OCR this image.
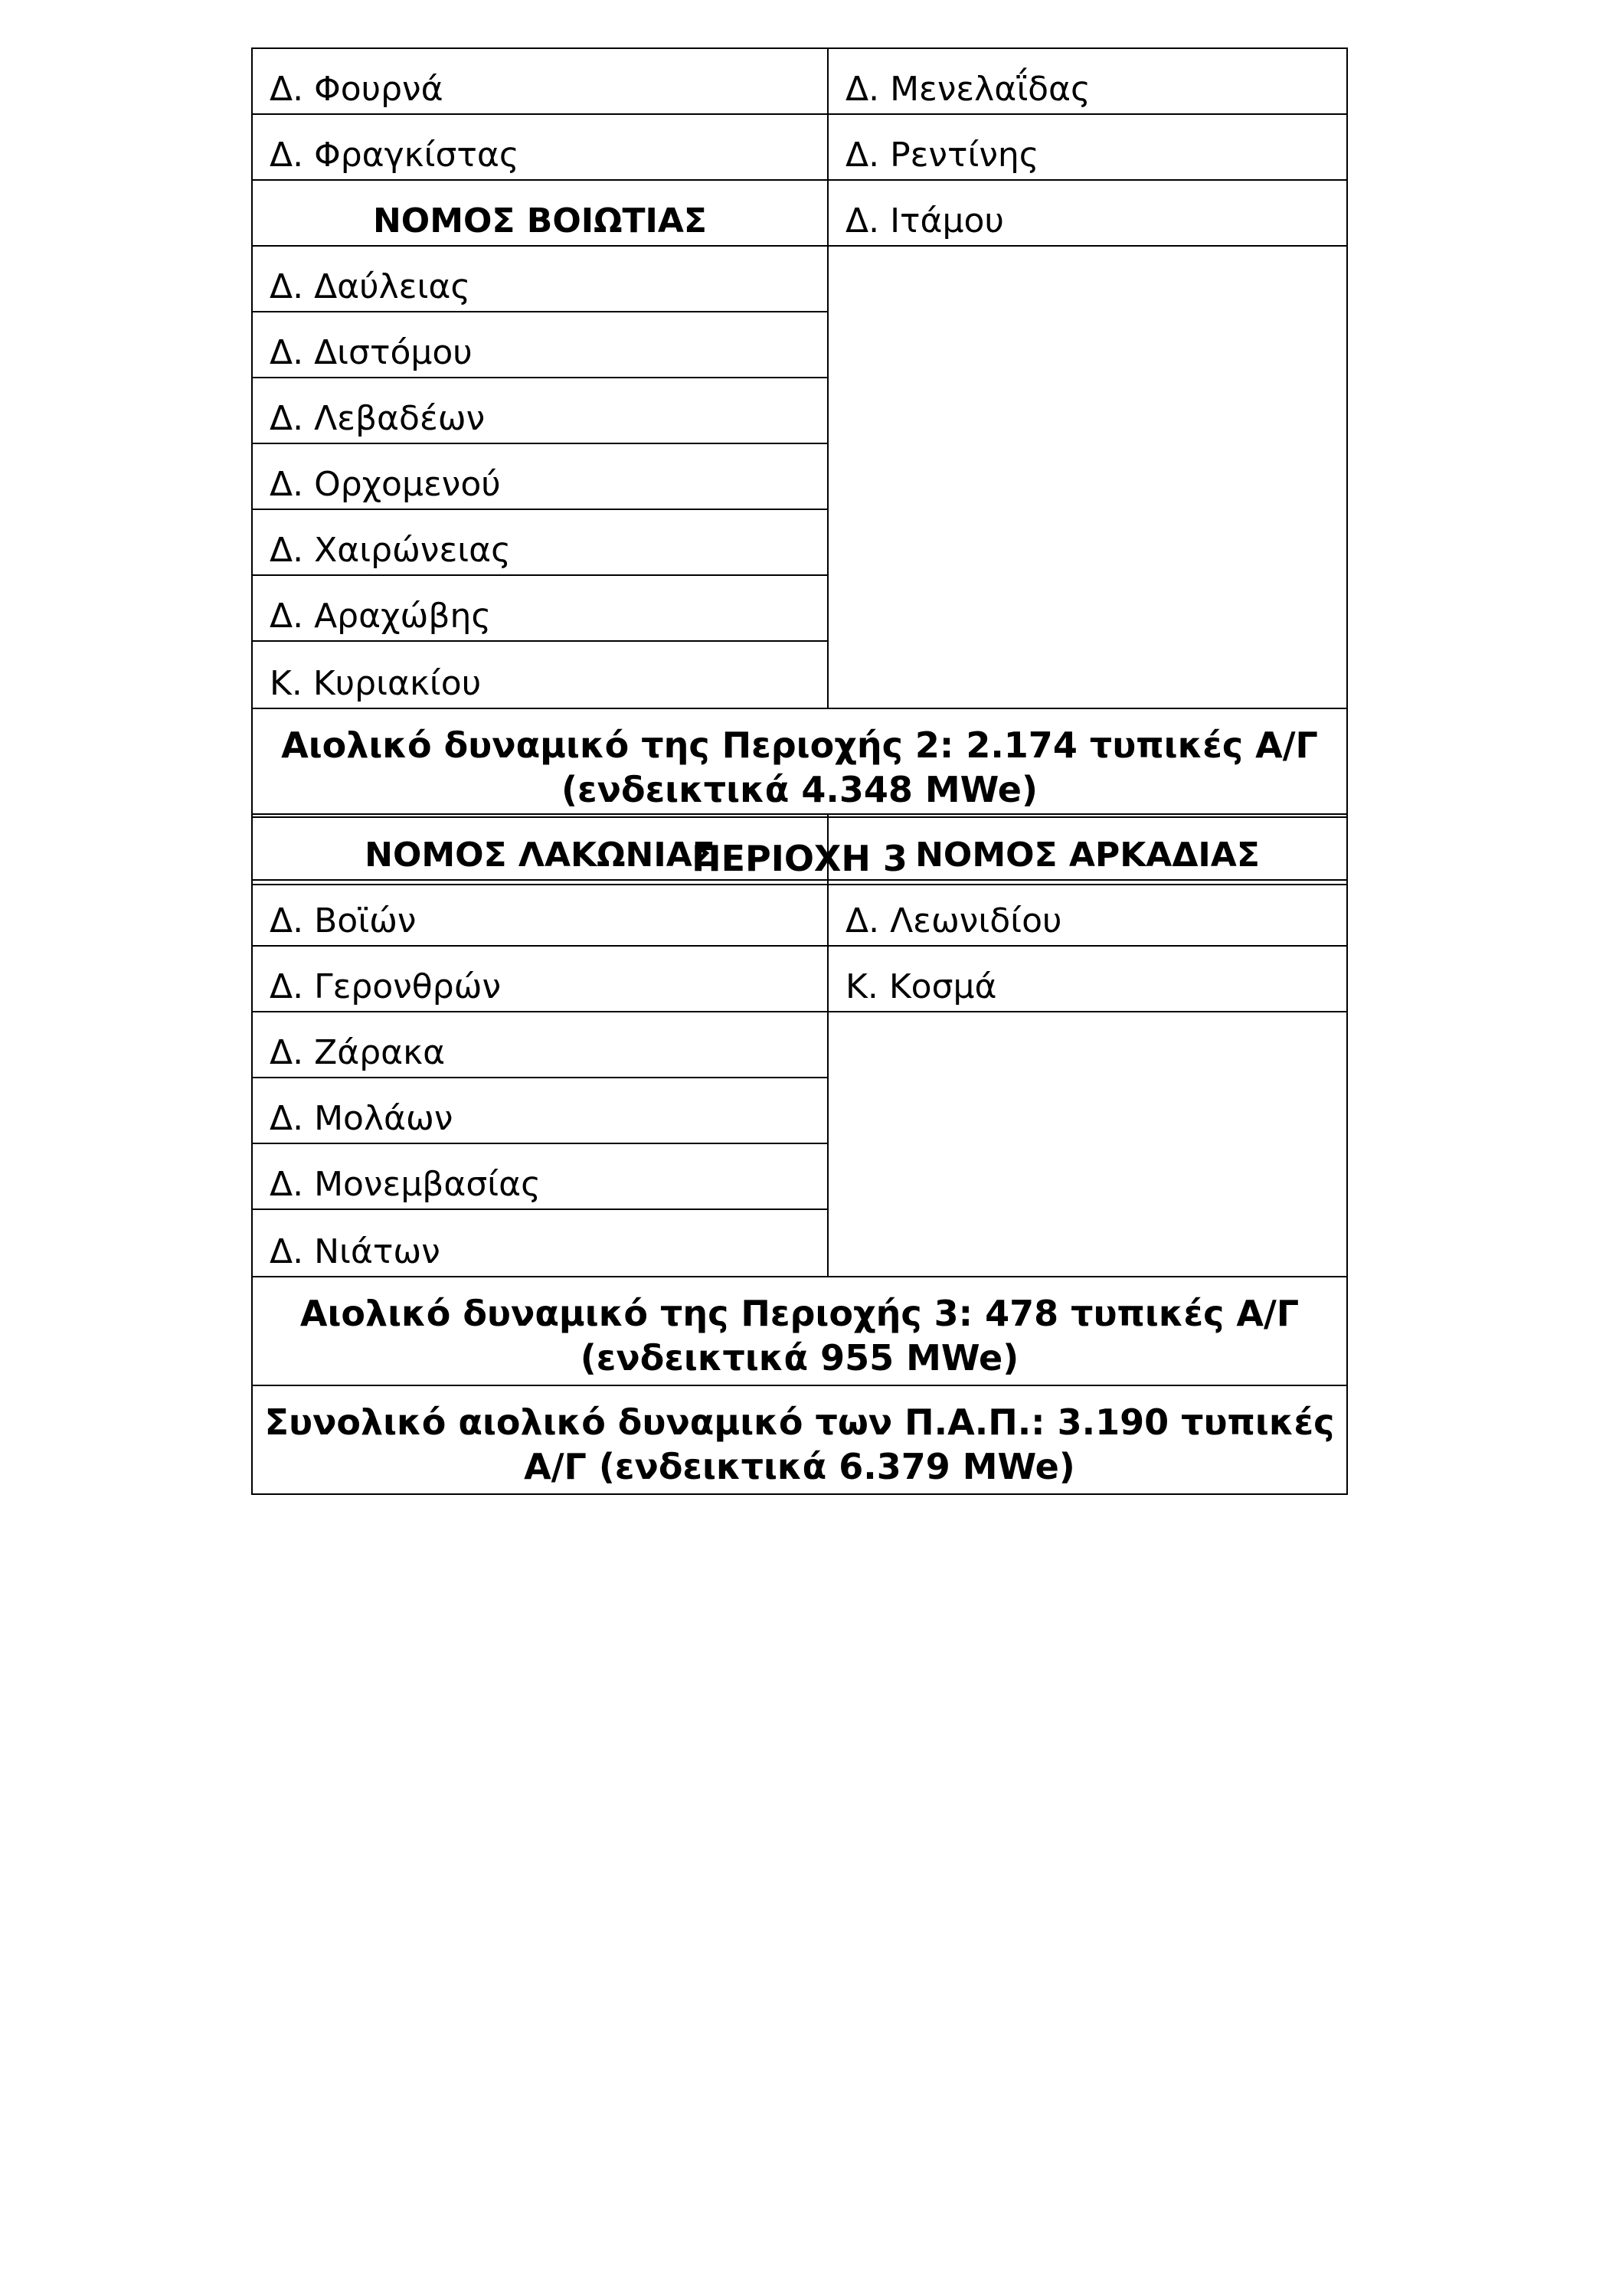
Δ. Φουρνά	Δ. Μενελαΐδας
Δ. Φραγκίστας	Δ. Ρεντίνης
ΝΟΜΟΣ ΒΟΙΩΤΙΑΣ	Δ. Ιτάμου
Δ. Δαύλειας
Δ. Διστόμου
Δ. Λεβαδέων
Δ. Ορχομενού
Δ. Χαιρώνειας
Δ. Αραχώβης
Κ. Κυριακίου
Αιολικό δυναμικό της Περιοχής 2: 2.174 τυπικές Α/Γ
(ενδεικτικά 4.348 MWe)
ΠΕΡΙΟΧΗ 3
ΝΟΜΟΣ ΛΑΚΩΝΙΑΣ	ΝΟΜΟΣ ΑΡΚΑΔΙΑΣ
Δ. Βοϊών	Δ. Λεωνιδίου
Δ. Γερονθρών	Κ. Κοσμά
Δ. Ζάρακα
Δ. Μολάων
Δ. Μονεμβασίας
Δ. Νιάτων
Αιολικό δυναμικό της Περιοχής 3: 478 τυπικές Α/Γ
(ενδεικτικά 955 MWe)
Συνολικό αιολικό δυναμικό των Π.Α.Π.: 3.190 τυπικές
Α/Γ (ενδεικτικά 6.379 MWe)
